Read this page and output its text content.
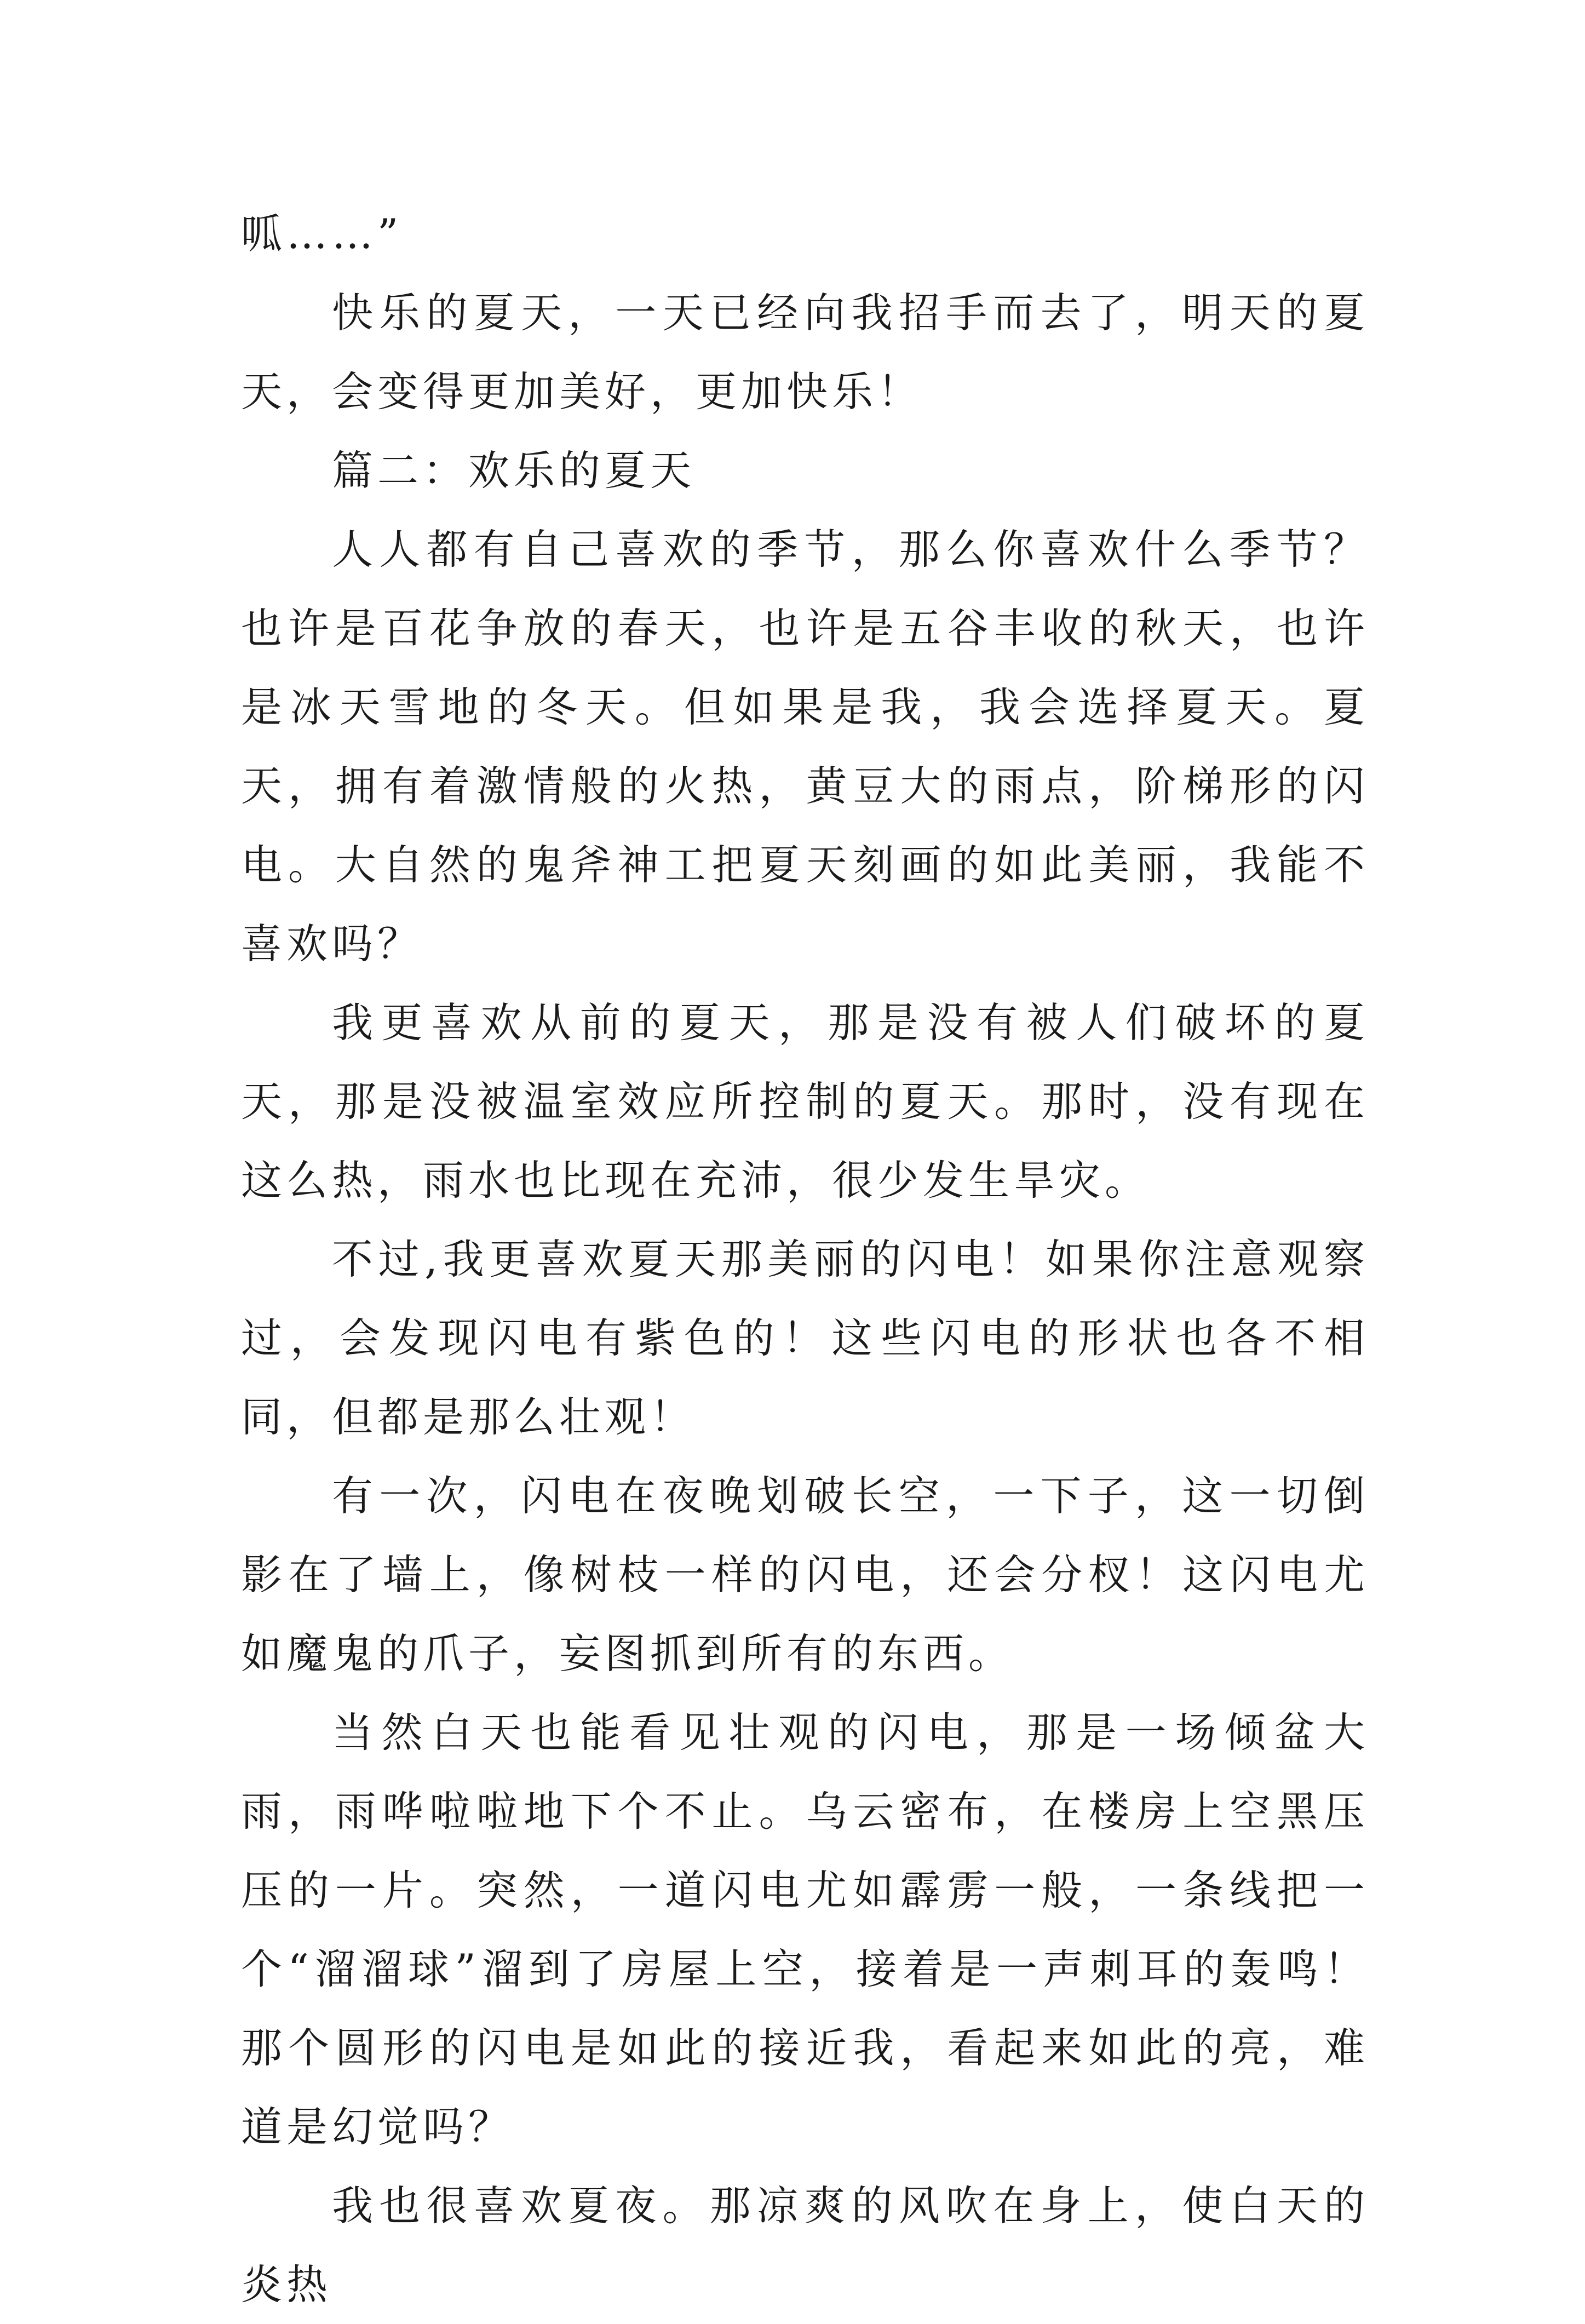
呱……”

快乐的夏天，一天已经向我招手而去了，明天的夏天，会变得更加美好，更加快乐！

篇二：欢乐的夏天

人人都有自己喜欢的季节，那么你喜欢什么季节？也许是百花争放的春天，也许是五谷丰收的秋天，也许是冰天雪地的冬天。但如果是我，我会选择夏天。夏天，拥有着激情般的火热，黄豆大的雨点，阶梯形的闪电。大自然的鬼斧神工把夏天刻画的如此美丽，我能不喜欢吗？

我更喜欢从前的夏天，那是没有被人们破坏的夏天，那是没被温室效应所控制的夏天。那时，没有现在这么热，雨水也比现在充沛，很少发生旱灾。

不过,我更喜欢夏天那美丽的闪电！如果你注意观察过，会发现闪电有紫色的！这些闪电的形状也各不相同，但都是那么壮观！

有一次，闪电在夜晚划破长空，一下子，这一切倒影在了墙上，像树枝一样的闪电，还会分杈！这闪电尤如魔鬼的爪子，妄图抓到所有的东西。

当然白天也能看见壮观的闪电，那是一场倾盆大雨，雨哗啦啦地下个不止。乌云密布，在楼房上空黑压压的一片。突然，一道闪电尤如霹雳一般，一条线把一个“溜溜球”溜到了房屋上空，接着是一声刺耳的轰鸣！那个圆形的闪电是如此的接近我，看起来如此的亮，难道是幻觉吗？

我也很喜欢夏夜。那凉爽的风吹在身上，使白天的炎热
